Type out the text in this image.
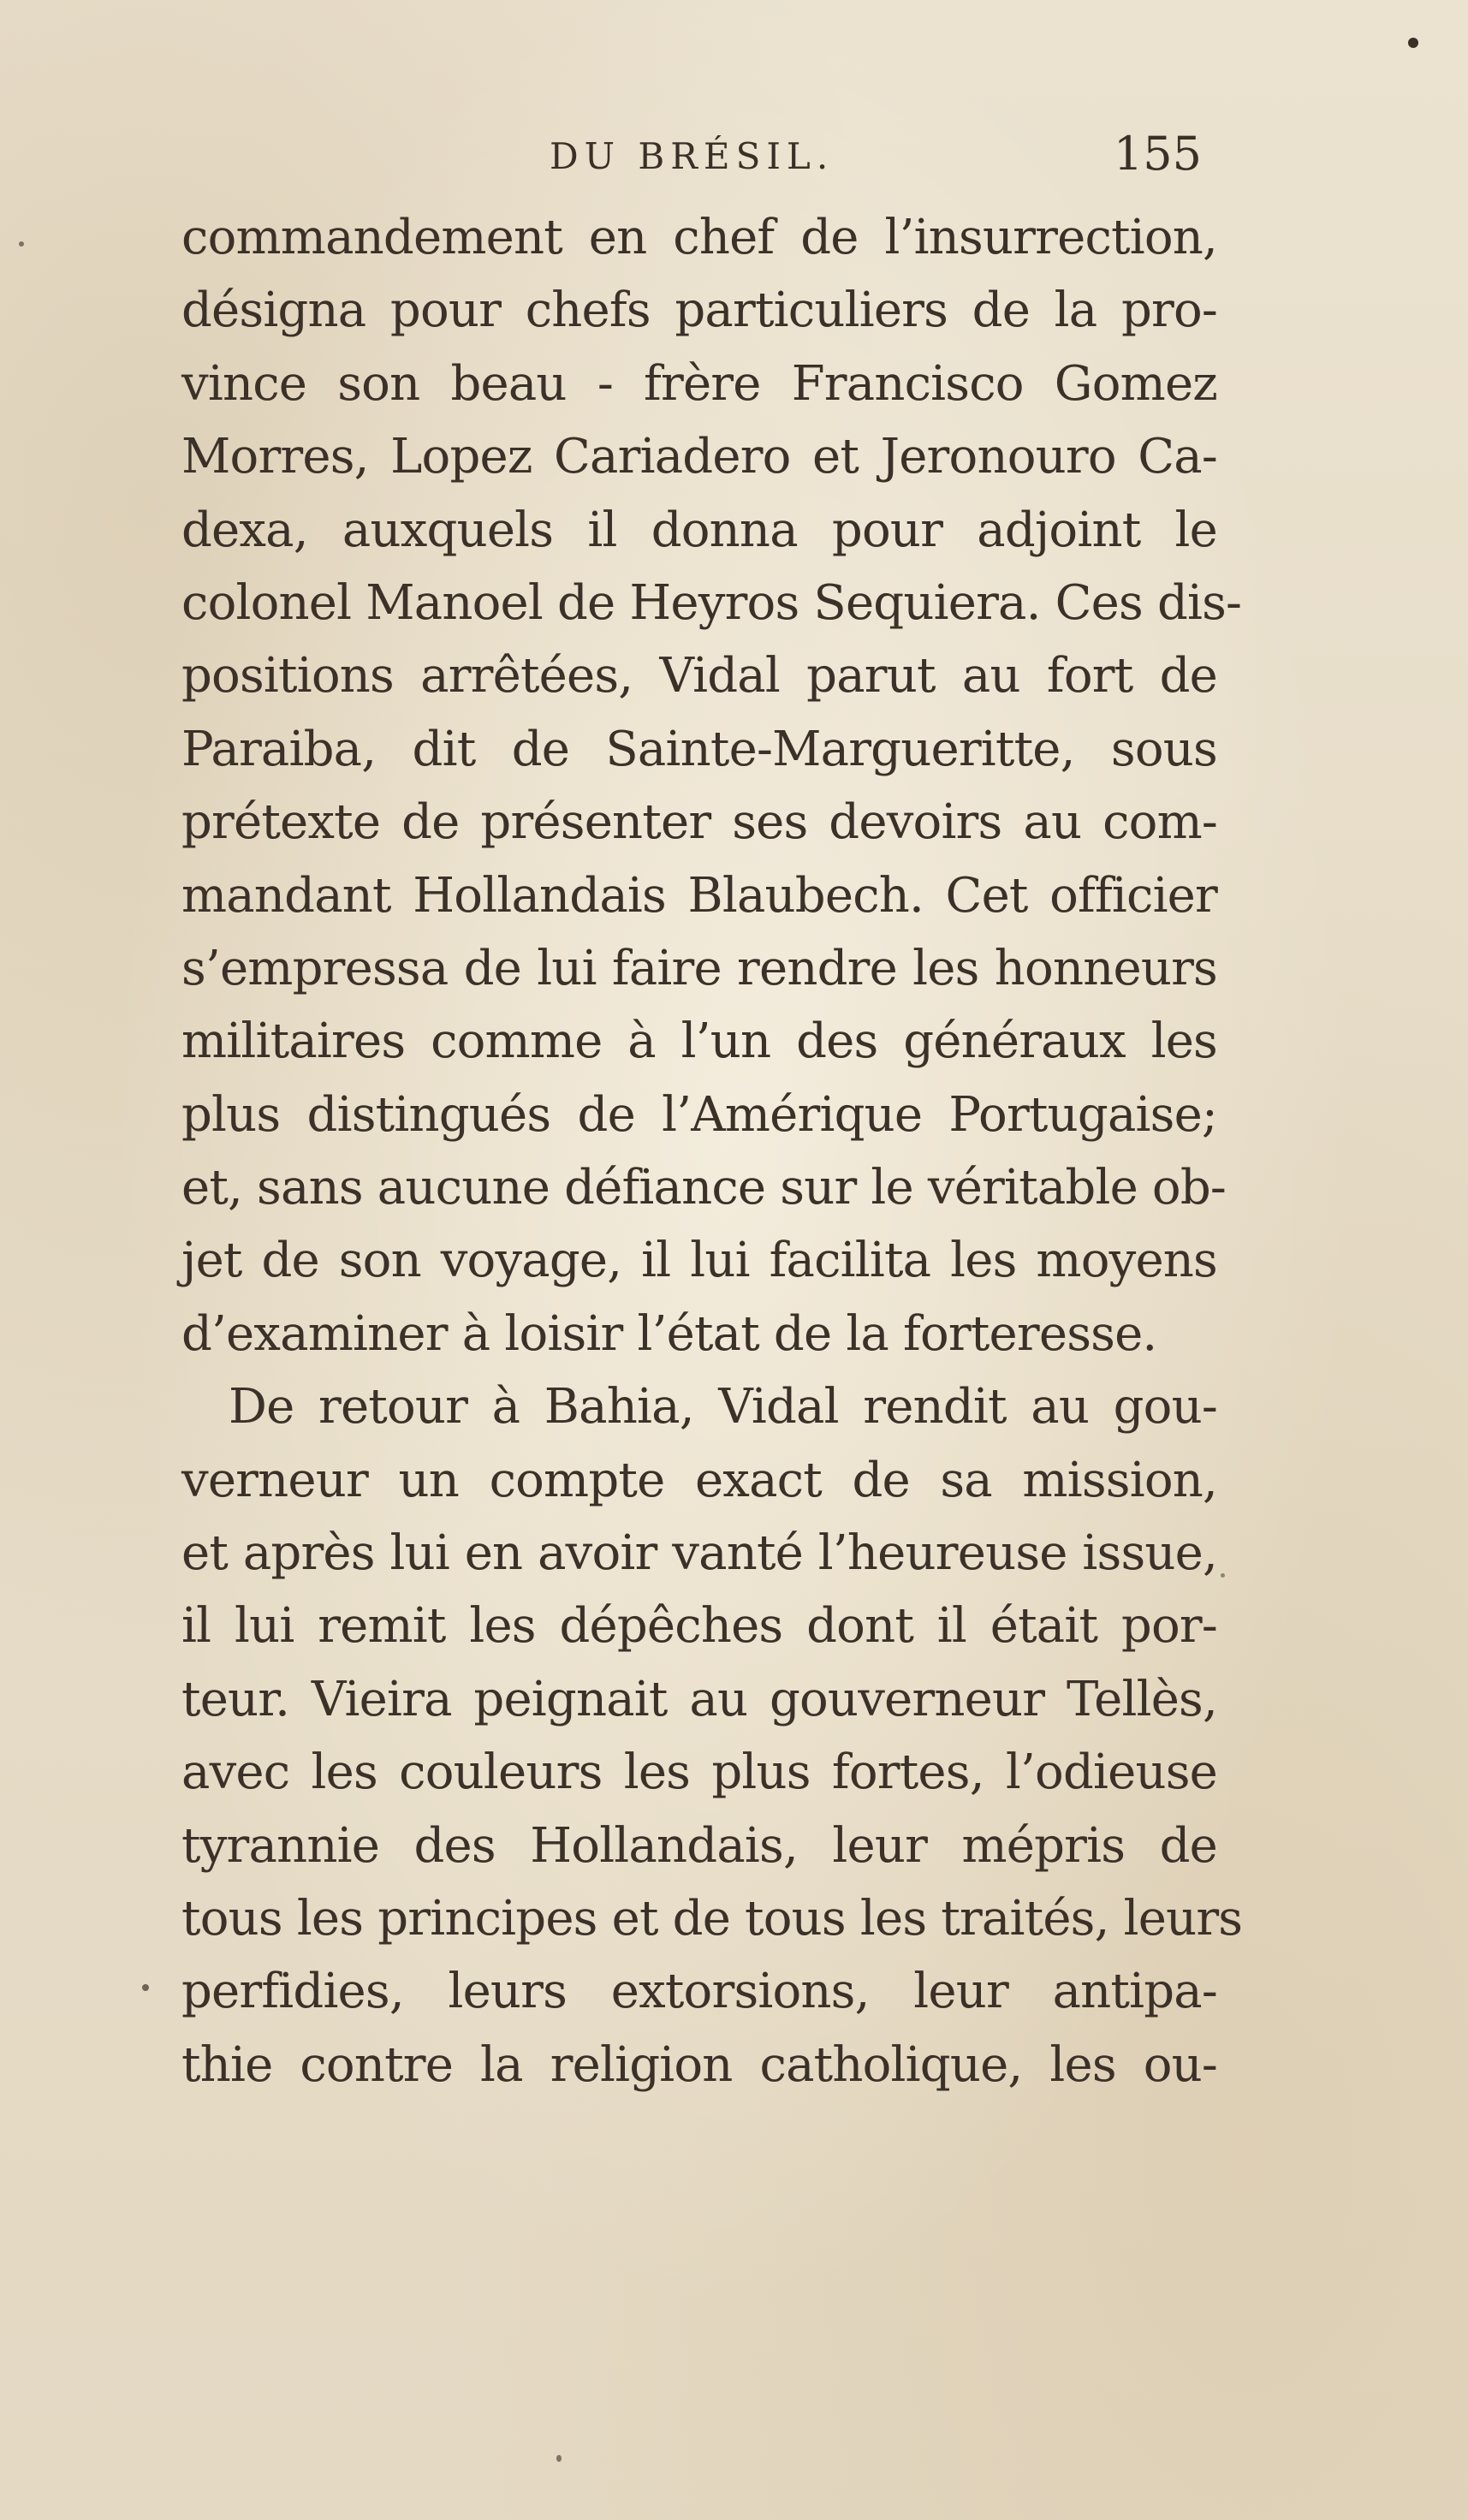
DU BRÉSIL.	155
commandement en chef de l’insurrection,
désigna pour chefs particuliers de la pro-
vince son beau - frère Francisco Gomez
Morres, Lopez Cariadero et Jeronouro Ca-
dexa, auxquels il donna pour adjoint le
colonel Manoel de Heyros Sequiera. Ces dis-
positions arrêtées, Vidal parut au fort de
Paraiba, dit de Sainte-Margueritte, sous
prétexte de présenter ses devoirs au com-
mandant Hollandais Blaubech. Cet officier
s’empressa de lui faire rendre les honneurs
militaires comme à l’un des généraux les
plus distingués de l’Amérique Portugaise;
et, sans aucune défiance sur le véritable ob-
jet de son voyage, il lui facilita les moyens
d’examiner à loisir l’état de la forteresse.
De retour à Bahia, Vidal rendit au gou-
verneur un compte exact de sa mission,
et après lui en avoir vanté l’heureuse issue,
il lui remit les dépêches dont il était por-
teur. Vieira peignait au gouverneur Tellès,
avec les couleurs les plus fortes, l’odieuse
tyrannie des Hollandais, leur mépris de
tous les principes et de tous les traités, leurs
perfidies, leurs extorsions, leur antipa-
thie contre la religion catholique, les ou-
